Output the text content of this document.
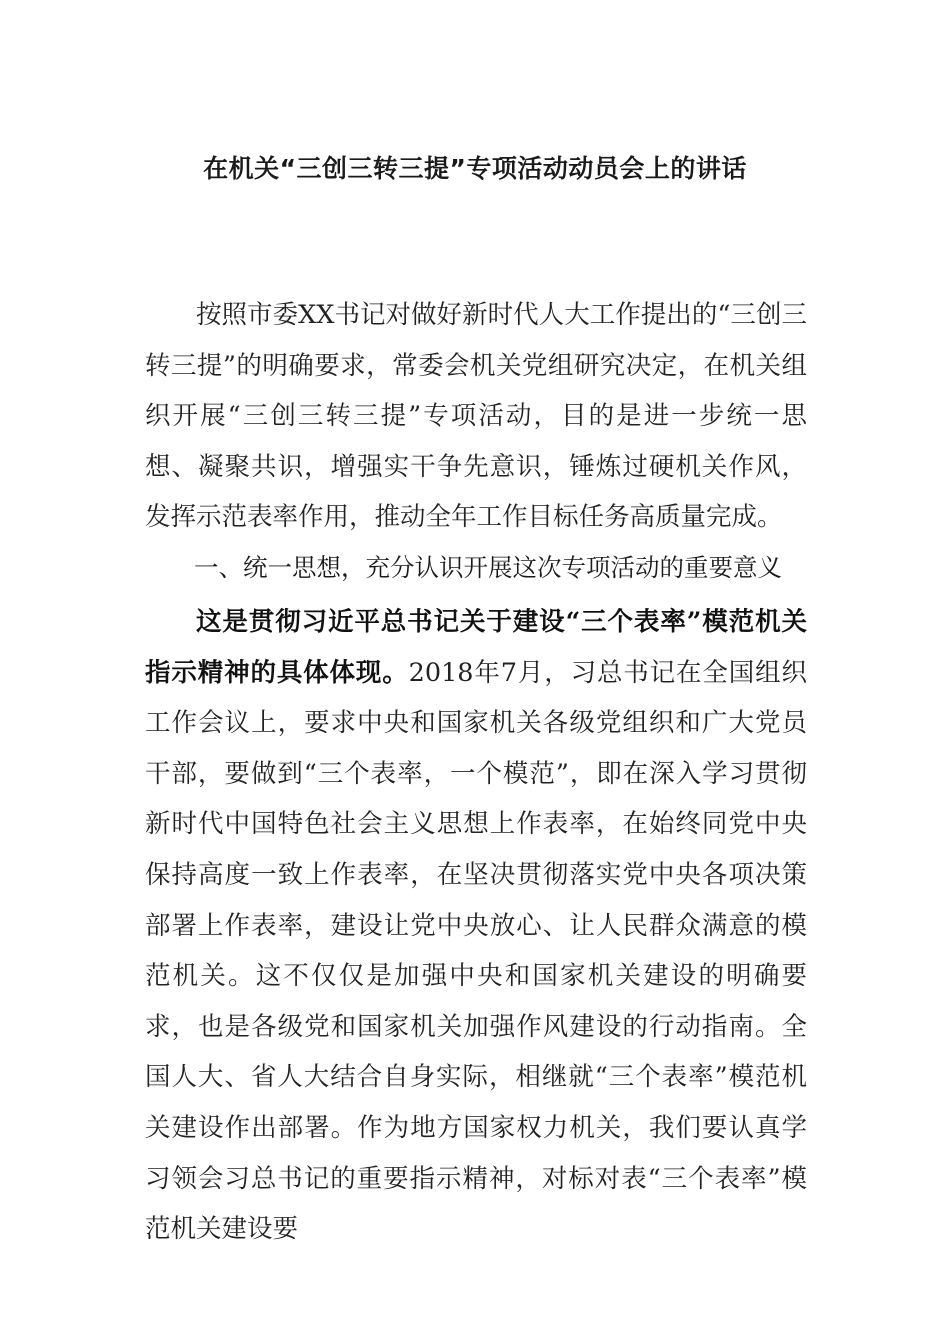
在机关“三创三转三提”专项活动动员会上的讲话

按照市委XX书记对做好新时代人大工作提出的“三创三转三提”的明确要求，常委会机关党组研究决定，在机关组织开展“三创三转三提”专项活动，目的是进一步统一思想、凝聚共识，增强实干争先意识，锤炼过硬机关作风，发挥示范表率作用，推动全年工作目标任务高质量完成。

一、统一思想，充分认识开展这次专项活动的重要意义

这是贯彻习近平总书记关于建设“三个表率”模范机关指示精神的具体体现。2018年7月，习总书记在全国组织工作会议上，要求中央和国家机关各级党组织和广大党员干部，要做到“三个表率，一个模范”，即在深入学习贯彻新时代中国特色社会主义思想上作表率，在始终同党中央保持高度一致上作表率，在坚决贯彻落实党中央各项决策部署上作表率，建设让党中央放心、让人民群众满意的模范机关。这不仅仅是加强中央和国家机关建设的明确要求，也是各级党和国家机关加强作风建设的行动指南。全国人大、省人大结合自身实际，相继就“三个表率”模范机关建设作出部署。作为地方国家权力机关，我们要认真学习领会习总书记的重要指示精神，对标对表“三个表率”模范机关建设要
